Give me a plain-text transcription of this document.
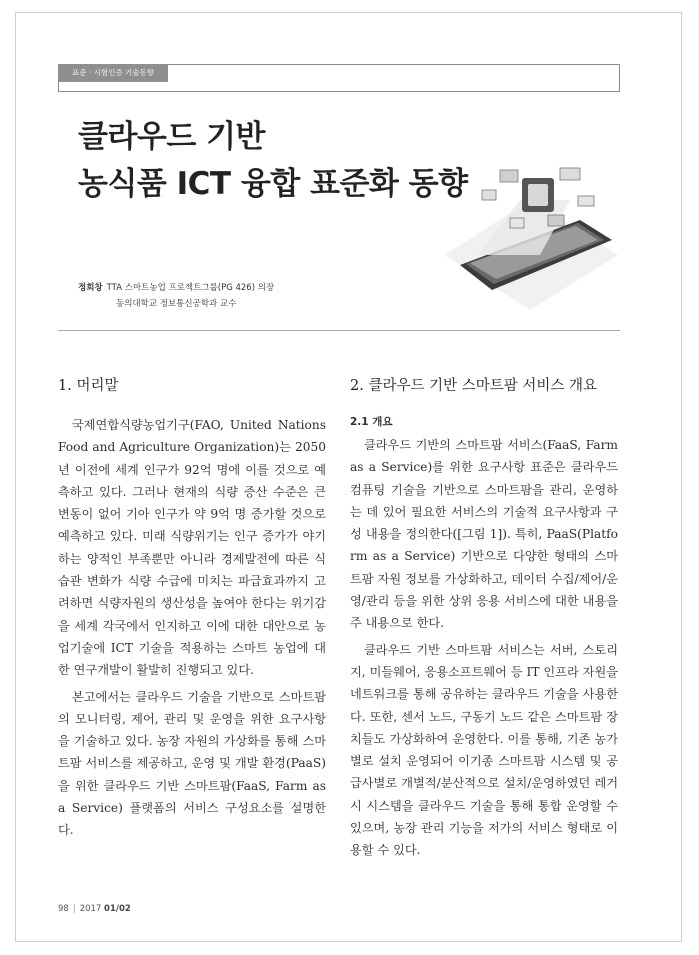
표준 · 시험인증 기술동향
클라우드 기반
농식품 ICT 융합 표준화 동향
정회창 TTA 스마트농업 프로젝트그룹(PG 426) 의장
동의대학교 정보통신공학과 교수
1. 머리말

국제연합식량농업기구(FAO, United Nations Food and Agriculture Organization)는 2050년 이전에 세계 인구가 92억 명에 이를 것으로 예측하고 있다. 그러나 현재의 식량 증산 수준은 큰 변동이 없어 기아 인구가 약 9억 명 증가할 것으로 예측하고 있다. 미래 식량위기는 인구 증가가 야기하는 양적인 부족뿐만 아니라 경제발전에 따른 식습관 변화가 식량 수급에 미치는 파급효과까지 고려하면 식량자원의 생산성을 높여야 한다는 위기감을 세계 각국에서 인지하고 이에 대한 대안으로 농업기술에 ICT 기술을 적용하는 스마트 농업에 대한 연구개발이 활발히 진행되고 있다.

본고에서는 클라우드 기술을 기반으로 스마트팜의 모니터링, 제어, 관리 및 운영을 위한 요구사항을 기술하고 있다. 농장 자원의 가상화를 통해 스마트팜 서비스를 제공하고, 운영 및 개발 환경(PaaS)을 위한 클라우드 기반 스마트팜(FaaS, Farm as a Service) 플랫폼의 서비스 구성요소를 설명한다.

2. 클라우드 기반 스마트팜 서비스 개요
2.1 개요

클라우드 기반의 스마트팜 서비스(FaaS, Farm as a Service)를 위한 요구사항 표준은 클라우드 컴퓨팅 기술을 기반으로 스마트팜을 관리, 운영하는 데 있어 필요한 서비스의 기술적 요구사항과 구성 내용을 정의한다([그림 1]). 특히, PaaS(Platform as a Service) 기반으로 다양한 형태의 스마트팜 자원 정보를 가상화하고, 데이터 수집/제어/운영/관리 등을 위한 상위 응용 서비스에 대한 내용을 주 내용으로 한다.

클라우드 기반 스마트팜 서비스는 서버, 스토리지, 미들웨어, 응용소프트웨어 등 IT 인프라 자원을 네트워크를 통해 공유하는 클라우드 기술을 사용한다. 또한, 센서 노드, 구동기 노드 같은 스마트팜 장치들도 가상화하여 운영한다. 이를 통해, 기존 농가별로 설치 운영되어 이기종 스마트팜 시스템 및 공급사별로 개별적/분산적으로 설치/운영하였던 레거시 시스템을 클라우드 기술을 통해 통합 운영할 수 있으며, 농장 관리 기능을 저가의 서비스 형태로 이용할 수 있다.

98 | 2017 01/02
